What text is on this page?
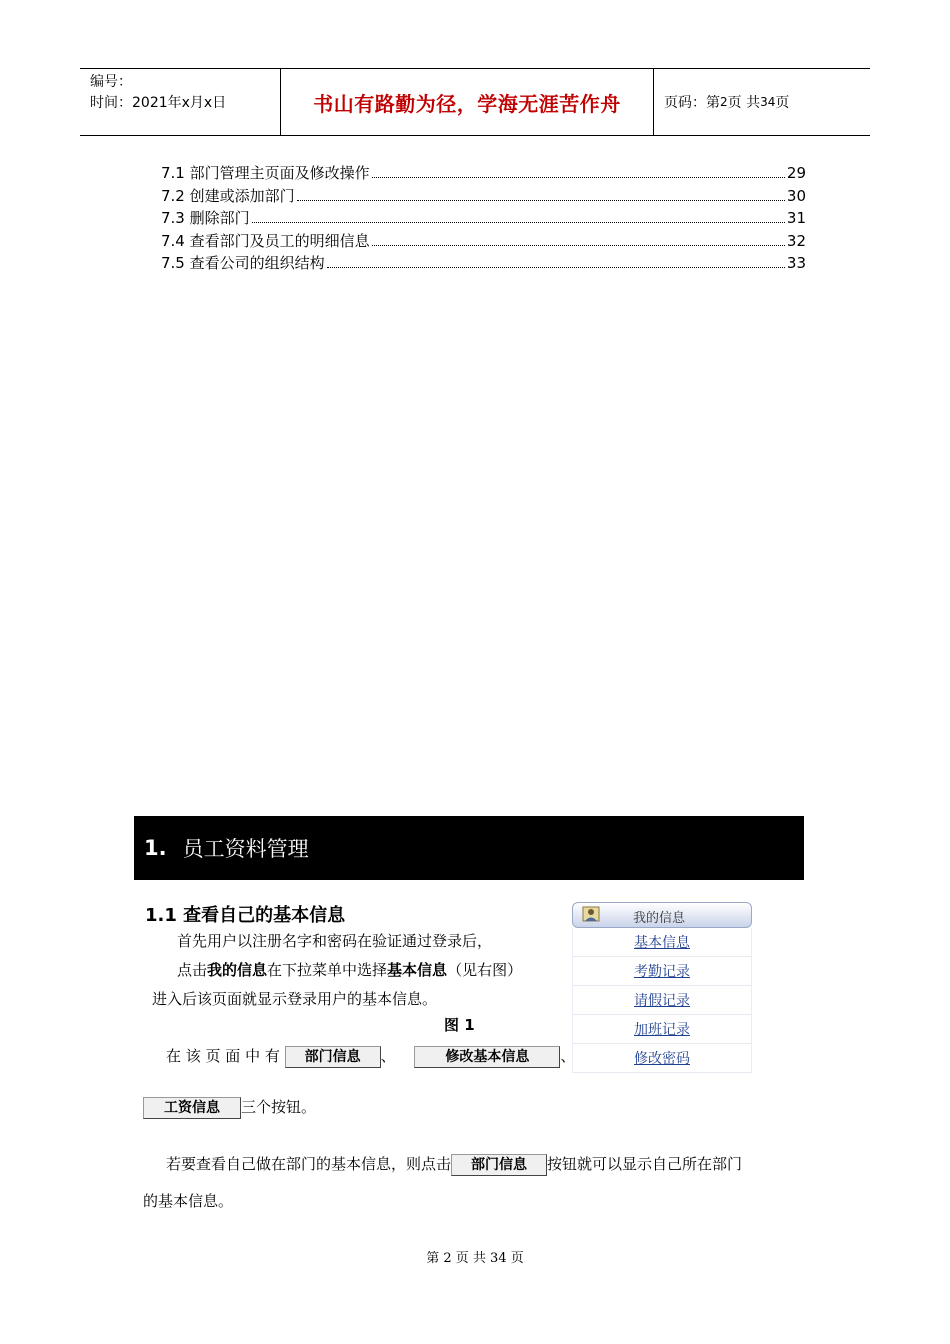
编号：
时间：2021年x月x日	书山有路勤为径，学海无涯苦作舟	页码：第 2 页 共 34 页
7.1 部门管理主页面及修改操作	29
7.2 创建或添加部门	30
7.3 删除部门	31
7.4 查看部门及员工的明细信息	32
7.5 查看公司的组织结构	33
1. 员工资料管理
1.1 查看自己的基本信息
首先用户以注册名字和密码在验证通过登录后，
点击我的信息在下拉菜单中选择基本信息（见右图）
进入后该页面就显示登录用户的基本信息。
图 1
在 该 页 面 中 有 部门信息 、	修改基本信息 、
工资信息 三个按钮。
若要查看自己做在部门的基本信息，则点击 部门信息 按钮就可以显示自己所在部门
的基本信息。
我的信息
基本信息
考勤记录
请假记录
加班记录
修改密码
第 2 页 共 34 页
